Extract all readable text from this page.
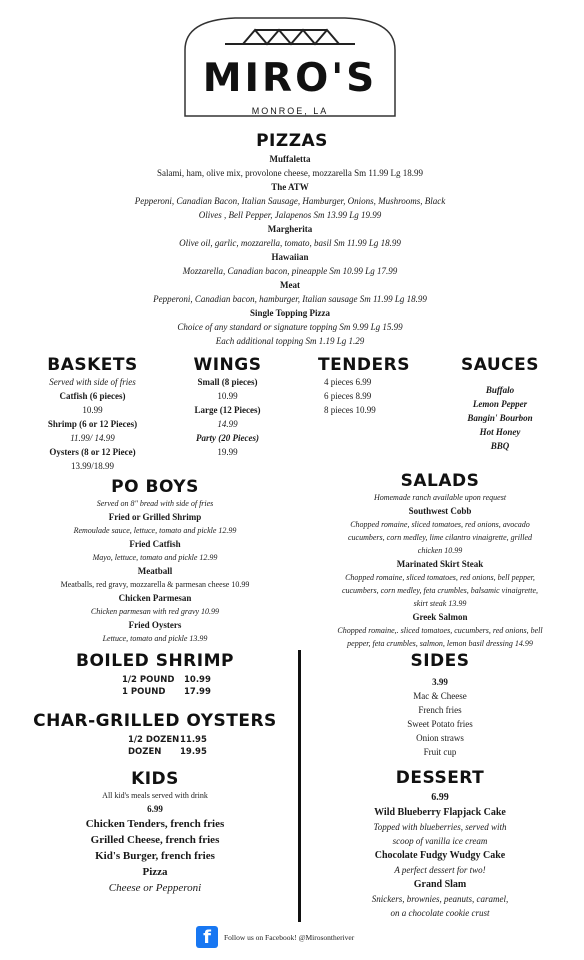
MIRO'S
MONROE, LA
PIZZAS
Muffaletta
Salami, ham, olive mix, provolone cheese, mozzarella Sm 11.99 Lg 18.99
The ATW
Pepperoni, Canadian Bacon, Italian Sausage, Hamburger, Onions, Mushrooms, Black
Olives , Bell Pepper, Jalapenos Sm 13.99 Lg 19.99
Margherita
Olive oil, garlic, mozzarella, tomato, basil Sm 11.99 Lg 18.99
Hawaiian
Mozzarella, Canadian bacon, pineapple Sm 10.99 Lg 17.99
Meat
Pepperoni, Canadian bacon, hamburger, Italian sausage Sm 11.99 Lg 18.99
Single Topping Pizza
Choice of any standard or signature topping Sm 9.99 Lg 15.99
Each additional topping Sm 1.19 Lg 1.29
BASKETS
Served with side of fries
Catfish (6 pieces)
10.99
Shrimp (6 or 12 Pieces)
11.99/ 14.99
Oysters (8 or 12 Piece)
13.99/18.99
WINGS
Small (8 pieces)
10.99
Large (12 Pieces)
14.99
Party (20 Pieces)
19.99
TENDERS
4 pieces 6.99
6 pieces 8.99
8 pieces 10.99
SAUCES
Buffalo
Lemon Pepper
Bangin' Bourbon
Hot Honey
BBQ
PO BOYS
Served on 8" bread with side of fries
Fried or Grilled Shrimp
Remoulade sauce, lettuce, tomato and pickle 12.99
Fried Catfish
Mayo, lettuce, tomato and pickle 12.99
Meatball
Meatballs, red gravy, mozzarella & parmesan cheese 10.99
Chicken Parmesan
Chicken parmesan with red gravy 10.99
Fried Oysters
Lettuce, tomato and pickle 13.99
SALADS
Homemade ranch available upon request
Southwest Cobb
Chopped romaine, sliced tomatoes, red onions, avocado
cucumbers, corn medley, lime cilantro vinaigrette, grilled
chicken 10.99
Marinated Skirt Steak
Chopped romaine, sliced tomatoes, red onions, bell pepper,
cucumbers, corn medley, feta crumbles, balsamic vinaigrette,
skirt steak 13.99
Greek Salmon
Chopped romaine,. sliced tomatoes, cucumbers, red onions, bell
pepper, feta crumbles, salmon, lemon basil dressing 14.99
BOILED SHRIMP
1/2 POUND 10.99
1 POUND 17.99
CHAR-GRILLED OYSTERS
1/2 DOZEN11.95
DOZEN 19.95
KIDS
All kid's meals served with drink
6.99
Chicken Tenders, french fries
Grilled Cheese, french fries
Kid's Burger, french fries
Pizza
Cheese or Pepperoni
SIDES
3.99
Mac & Cheese
French fries
Sweet Potato fries
Onion straws
Fruit cup
DESSERT
6.99
Wild Blueberry Flapjack Cake
Topped with blueberries, served with
scoop of vanilla ice cream
Chocolate Fudgy Wudgy Cake
A perfect dessert for two!
Grand Slam
Snickers, brownies, peanuts, caramel,
on a chocolate cookie crust
f	Follow us on Facebook! @Mirosontheriver
